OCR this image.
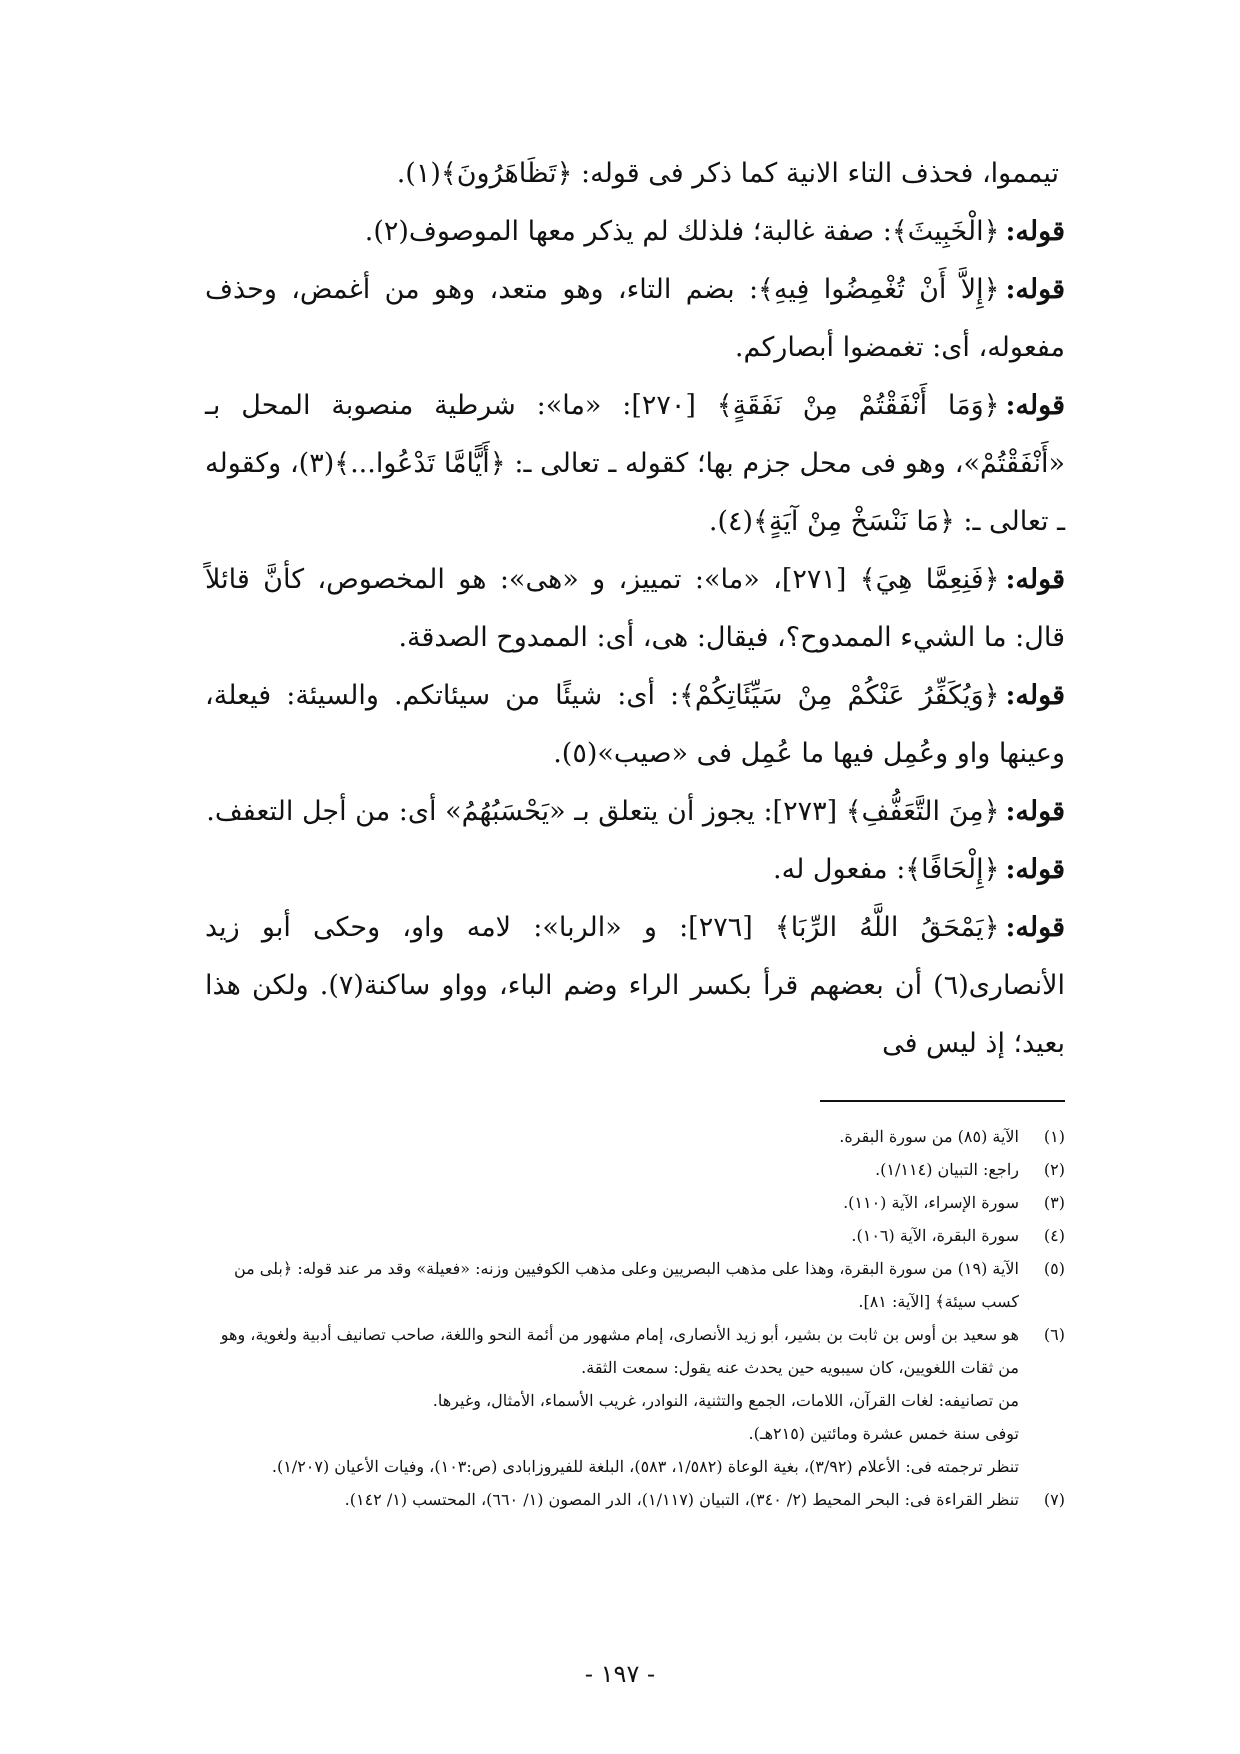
تيمموا، فحذف التاء الانية كما ذكر فى قوله: ﴿تَظَاهَرُونَ﴾(١).

قوله:﴿الْخَبِيثَ﴾: صفة غالبة؛ فلذلك لم يذكر معها الموصوف(٢).

قوله:﴿إِلاَّ أَنْ تُغْمِضُوا فِيهِ﴾: بضم التاء، وهو متعد، وهو من أغمض، وحذف مفعوله، أى: تغمضوا أبصاركم.

قوله:﴿وَمَا أَنْفَقْتُمْ مِنْ نَفَقَةٍ﴾ [٢٧٠]: «ما»: شرطية منصوبة المحل بـ «أَنْفَقْتُمْ»، وهو فى محل جزم بها؛ كقوله ـ تعالى ـ: ﴿أَيًّامَّا تَدْعُوا...﴾(٣)، وكقوله ـ تعالى ـ: ﴿مَا نَنْسَخْ مِنْ آيَةٍ﴾(٤).

قوله:﴿فَنِعِمَّا هِيَ﴾ [٢٧١]، «ما»: تمييز، و «هى»: هو المخصوص، كأنَّ قائلاً قال: ما الشيء الممدوح؟، فيقال: هى، أى: الممدوح الصدقة.

قوله:﴿وَيُكَفِّرُ عَنْكُمْ مِنْ سَيِّئَاتِكُمْ﴾: أى: شيئًا من سيئاتكم. والسيئة: فيعلة، وعينها واو وعُمِل فيها ما عُمِل فى «صيب»(٥).

قوله:﴿مِنَ التَّعَفُّفِ﴾ [٢٧٣]: يجوز أن يتعلق بـ «يَحْسَبُهُمُ» أى: من أجل التعفف.

قوله:﴿إِلْحَافًا﴾: مفعول له.

قوله:﴿يَمْحَقُ اللَّهُ الرِّبَا﴾ [٢٧٦]: و «الربا»: لامه واو، وحكى أبو زيد الأنصارى(٦) أن بعضهم قرأ بكسر الراء وضم الباء، وواو ساكنة(٧). ولكن هذا بعيد؛ إذ ليس فى

(١)
الآية (٨٥) من سورة البقرة.
(٢)
راجع: التبيان (١/١١٤).
(٣)
سورة الإسراء، الآية (١١٠).
(٤)
سورة البقرة، الآية (١٠٦).
(٥)
الآية (١٩) من سورة البقرة، وهذا على مذهب البصريين وعلى مذهب الكوفيين وزنه: «فعيلة» وقد مر عند قوله: ﴿بلى من كسب سيئة﴾ [الآية: ٨١].
(٦)
هو سعيد بن أوس بن ثابت بن بشير، أبو زيد الأنصارى، إمام مشهور من أئمة النحو واللغة، صاحب تصانيف أدبية ولغوية، وهو من ثقات اللغويين، كان سيبويه حين يحدث عنه يقول: سمعت الثقة.
من تصانيفه: لغات القرآن، اللامات، الجمع والتثنية، النوادر، غريب الأسماء، الأمثال، وغيرها.
توفى سنة خمس عشرة ومائتين (٢١٥هـ).
تنظر ترجمته فى: الأعلام (٣/٩٢)، بغية الوعاة (١/٥٨٢، ٥٨٣)، البلغة للفيروزابادى (ص:١٠٣)، وفيات الأعيان (١/٢٠٧).
(٧)
تنظر القراءة فى: البحر المحيط (٢/ ٣٤٠)، التبيان (١/١١٧)، الدر المصون (١/ ٦٦٠)، المحتسب (١/ ١٤٢).
- ١٩٧ -
